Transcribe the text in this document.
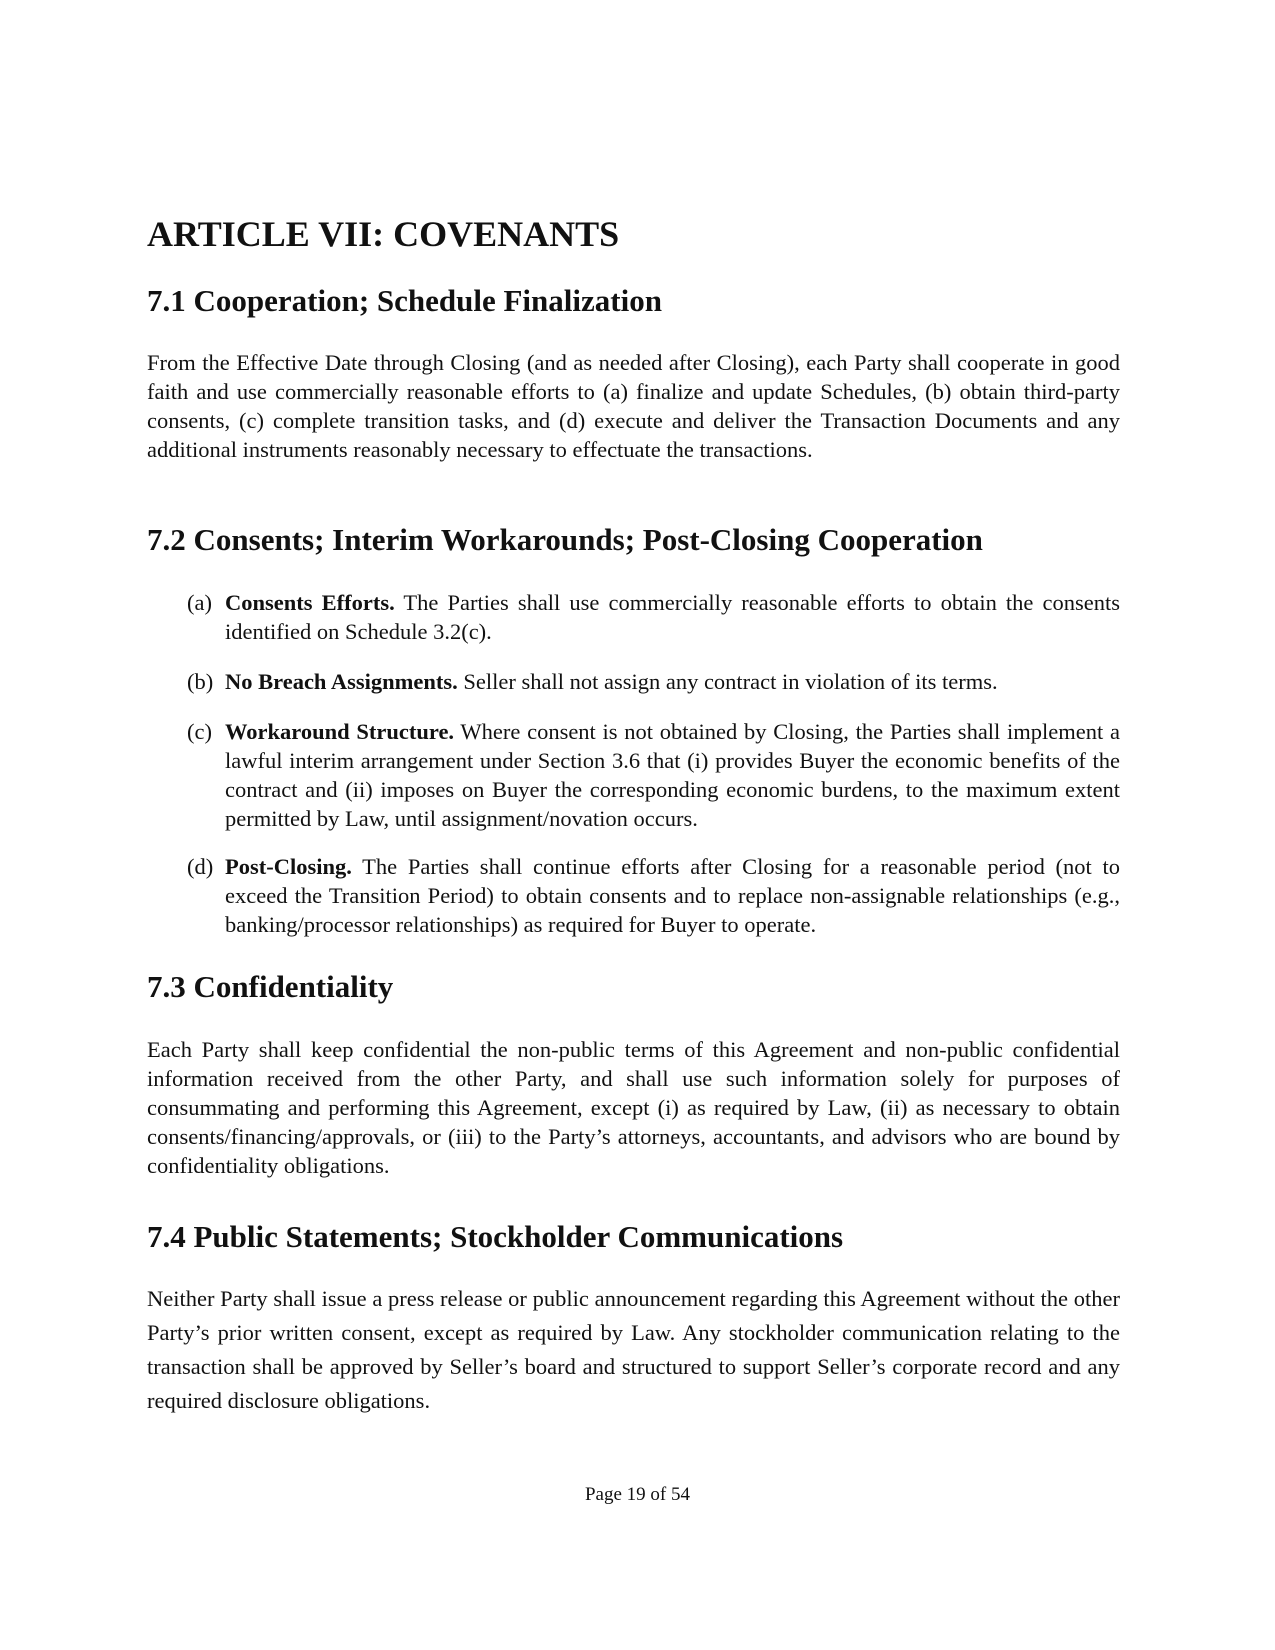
ARTICLE VII: COVENANTS
7.1 Cooperation; Schedule Finalization

From the Effective Date through Closing (and as needed after Closing), each Party shall cooperate in good faith and use commercially reasonable efforts to (a) finalize and update Schedules, (b) obtain third-party consents, (c) complete transition tasks, and (d) execute and deliver the Transaction Documents and any additional instruments reasonably necessary to effectuate the transactions.

7.2 Consents; Interim Workarounds; Post-Closing Cooperation

(a) Consents Efforts. The Parties shall use commercially reasonable efforts to obtain the consents identified on Schedule 3.2(c).

(b) No Breach Assignments. Seller shall not assign any contract in violation of its terms.

(c) Workaround Structure. Where consent is not obtained by Closing, the Parties shall implement a lawful interim arrangement under Section 3.6 that (i) provides Buyer the economic benefits of the contract and (ii) imposes on Buyer the corresponding economic burdens, to the maximum extent permitted by Law, until assignment/novation occurs.

(d) Post-Closing. The Parties shall continue efforts after Closing for a reasonable period (not to exceed the Transition Period) to obtain consents and to replace non-assignable relationships (e.g., banking/processor relationships) as required for Buyer to operate.

7.3 Confidentiality

Each Party shall keep confidential the non-public terms of this Agreement and non-public confidential information received from the other Party, and shall use such information solely for purposes of consummating and performing this Agreement, except (i) as required by Law, (ii) as necessary to obtain consents/financing/approvals, or (iii) to the Party’s attorneys, accountants, and advisors who are bound by confidentiality obligations.

7.4 Public Statements; Stockholder Communications

Neither Party shall issue a press release or public announcement regarding this Agreement without the other Party’s prior written consent, except as required by Law. Any stockholder communication relating to the transaction shall be approved by Seller’s board and structured to support Seller’s corporate record and any required disclosure obligations.

Page 19 of 54
